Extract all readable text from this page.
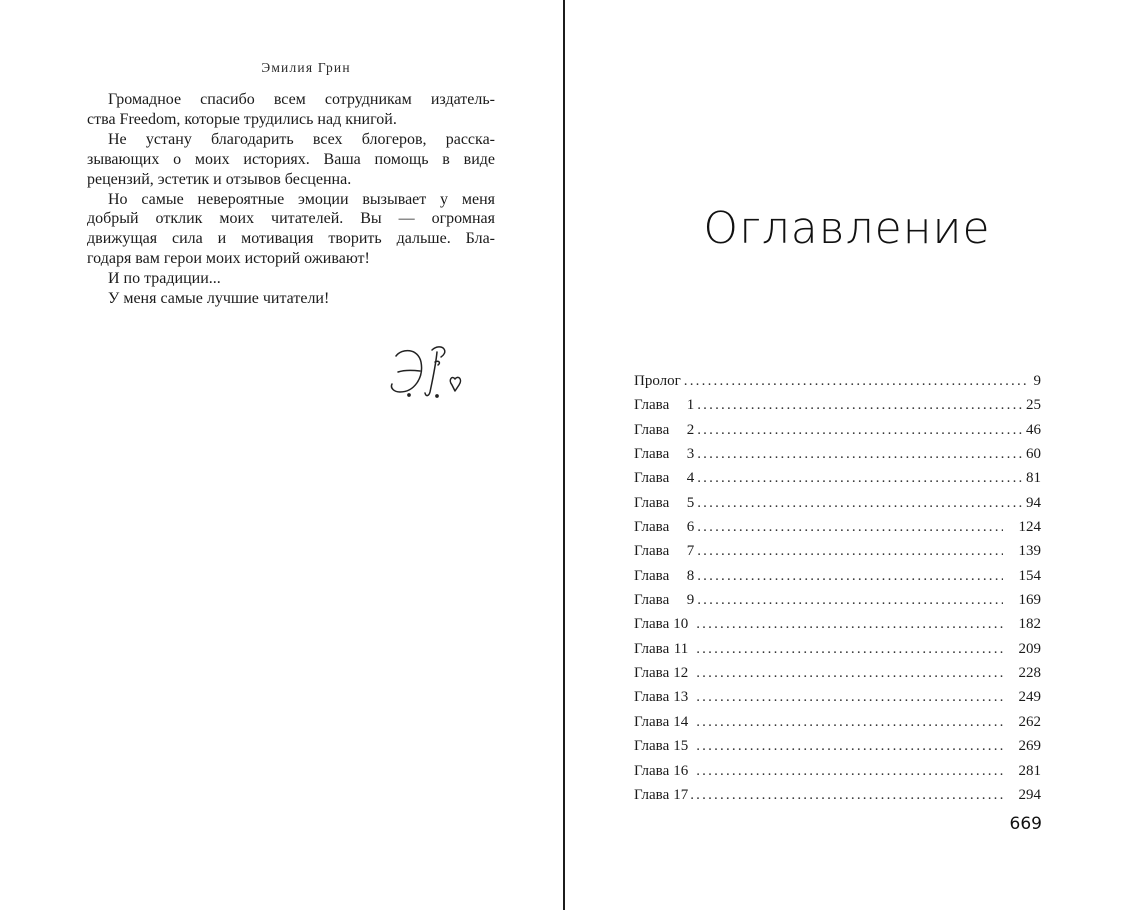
Эмилия Грин
Громадное спасибо всем сотрудникам издатель-
ства Freedom, которые трудились над книгой.
Не устану благодарить всех блогеров, расска-
зывающих о моих историях. Ваша помощь в виде
рецензий, эстетик и отзывов бесценна.
Но самые невероятные эмоции вызывает у меня
добрый отклик моих читателей. Вы — огромная
движущая сила и мотивация творить дальше. Бла-
годаря вам герои моих историй оживают!
И по традиции...
У меня самые лучшие читатели!
Оглавление
Пролог .....	9
Глава 1 .....	25
Глава 2 .....	46
Глава 3 .....	60
Глава 4 .....	81
Глава 5 .....	94
Глава 6 .....	124
Глава 7 .....	139
Глава 8 .....	154
Глава 9 .....	169
Глава 10 .....	182
Глава 11 .....	209
Глава 12 .....	228
Глава 13 .....	249
Глава 14 .....	262
Глава 15 .....	269
Глава 16 .....	281
Глава 17 .....	294
669
